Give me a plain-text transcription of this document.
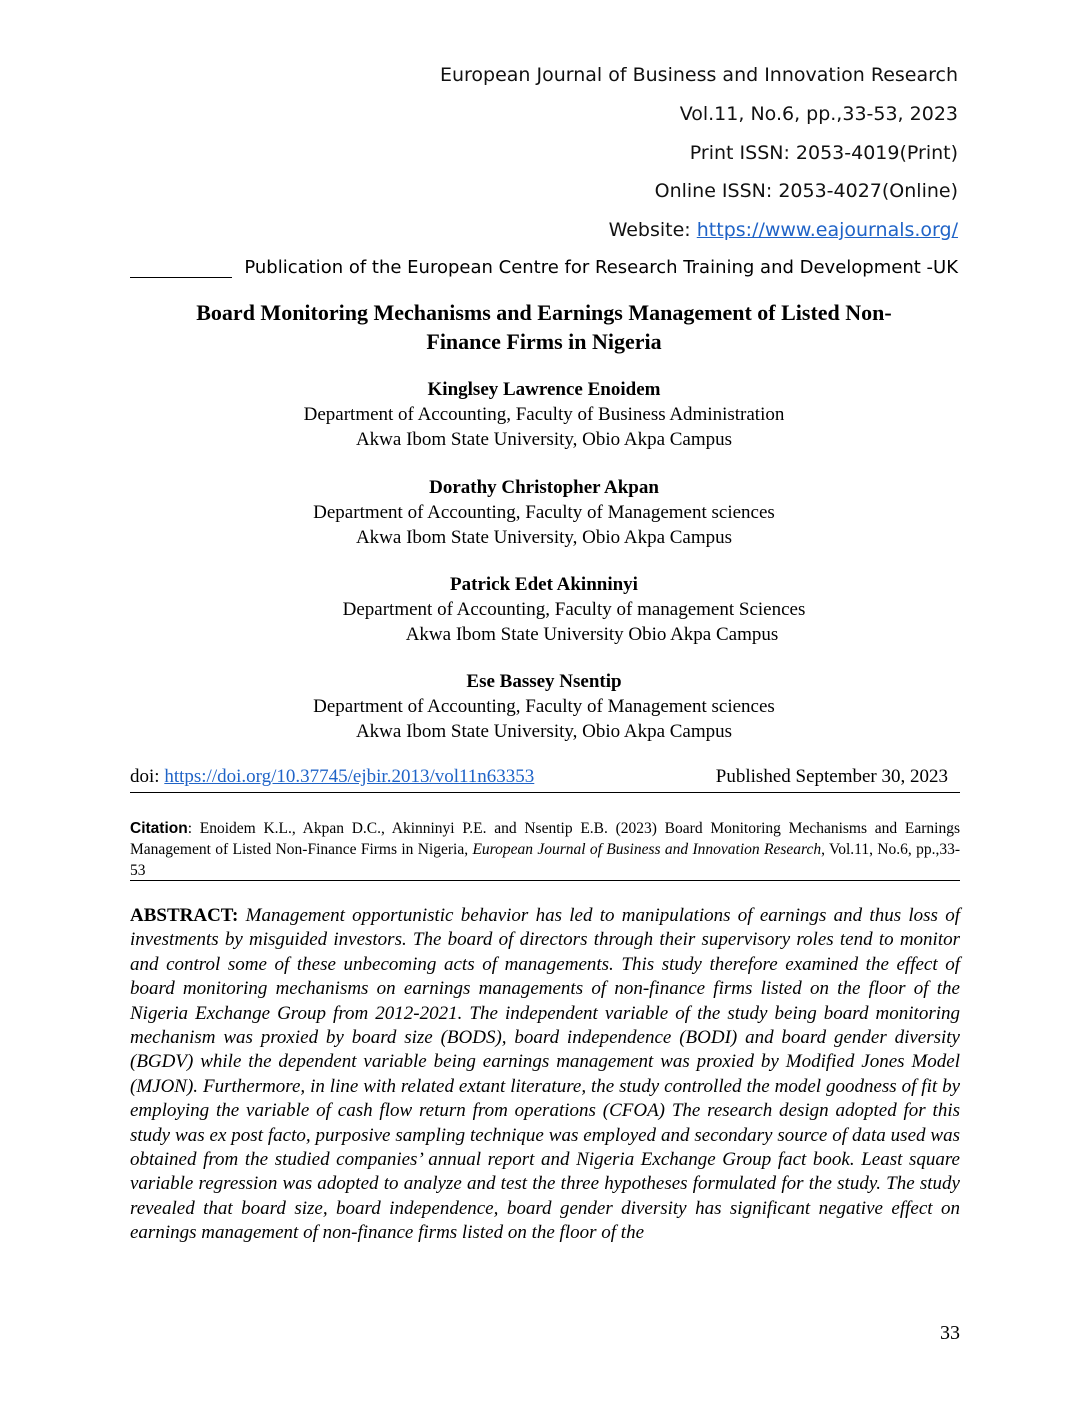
European Journal of Business and Innovation Research
Vol.11, No.6, pp.,33-53, 2023
Print ISSN: 2053-4019(Print)
Online ISSN: 2053-4027(Online)
Website: https://www.eajournals.org/
Publication of the European Centre for Research Training and Development -UK
Board Monitoring Mechanisms and Earnings Management of Listed Non-
Finance Firms in Nigeria
Kinglsey Lawrence Enoidem
Department of Accounting, Faculty of Business Administration
Akwa Ibom State University, Obio Akpa Campus
Dorathy Christopher Akpan
Department of Accounting, Faculty of Management sciences
Akwa Ibom State University, Obio Akpa Campus
Patrick Edet Akinninyi
Department of Accounting, Faculty of management Sciences
Akwa Ibom State University Obio Akpa Campus
Ese Bassey Nsentip
Department of Accounting, Faculty of Management sciences
Akwa Ibom State University, Obio Akpa Campus
doi: https://doi.org/10.37745/ejbir.2013/vol11n63353	Published September 30, 2023
Citation: Enoidem K.L., Akpan D.C., Akinninyi P.E. and Nsentip E.B. (2023) Board Monitoring Mechanisms and Earnings Management of Listed Non-Finance Firms in Nigeria, European Journal of Business and Innovation Research, Vol.11, No.6, pp.,33-53
ABSTRACT: Management opportunistic behavior has led to manipulations of earnings and thus loss of investments by misguided investors. The board of directors through their supervisory roles tend to monitor and control some of these unbecoming acts of managements. This study therefore examined the effect of board monitoring mechanisms on earnings managements of non-finance firms listed on the floor of the Nigeria Exchange Group from 2012-2021. The independent variable of the study being board monitoring mechanism was proxied by board size (BODS), board independence (BODI) and board gender diversity (BGDV) while the dependent variable being earnings management was proxied by Modified Jones Model (MJON). Furthermore, in line with related extant literature, the study controlled the model goodness of fit by employing the variable of cash flow return from operations (CFOA) The research design adopted for this study was ex post facto, purposive sampling technique was employed and secondary source of data used was obtained from the studied companies’ annual report and Nigeria Exchange Group fact book. Least square variable regression was adopted to analyze and test the three hypotheses formulated for the study. The study revealed that board size, board independence, board gender diversity has significant negative effect on earnings management of non-finance firms listed on the floor of the
33
